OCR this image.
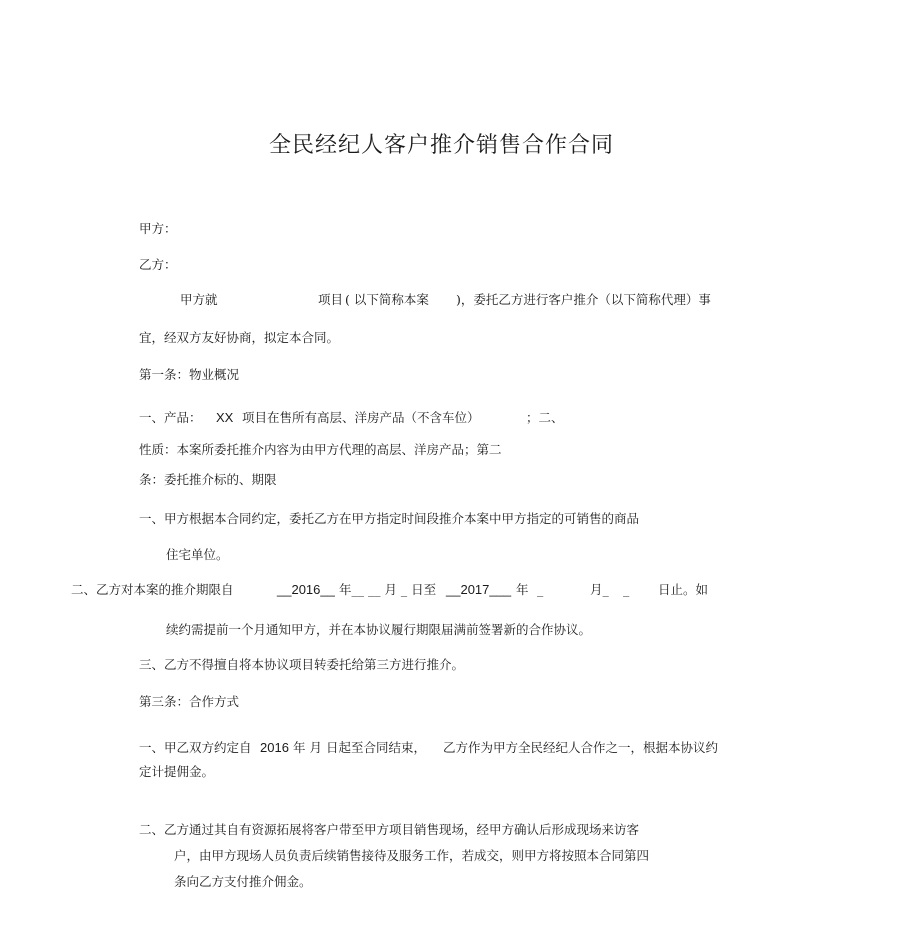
全民经纪人客户推介销售合作合同
甲方：
乙方：
甲方就	项目 ( 以下简称本案 )，委托乙方进行客户推介（以下简称代理）事
宜，经双方友好协商，拟定本合同。
第一条：物业概况
一、产品： XX 项目在售所有高层、洋房产品（不含车位）	；二、
性质：本案所委托推介内容为由甲方代理的高层、洋房产品；第二
条：委托推介标的、期限
一、甲方根据本合同约定，委托乙方在甲方指定时间段推介本案中甲方指定的可销售的商品
住宅单位。
二、乙方对本案的推介期限自	__2016__ 年__ __ 月 _ 日至 __2017___ 年 _	月_ _ 日止。如
续约需提前一个月通知甲方，并在本协议履行期限届满前签署新的合作协议。
三、乙方不得擅自将本协议项目转委托给第三方进行推介。
第三条：合作方式
一、甲乙双方约定自 2016 年 月 日起至合同结束， 乙方作为甲方全民经纪人合作之一，根据本协议约
定计提佣金。
二、乙方通过其自有资源拓展将客户带至甲方项目销售现场，经甲方确认后形成现场来访客
户，由甲方现场人员负责后续销售接待及服务工作，若成交，则甲方将按照本合同第四
条向乙方支付推介佣金。
